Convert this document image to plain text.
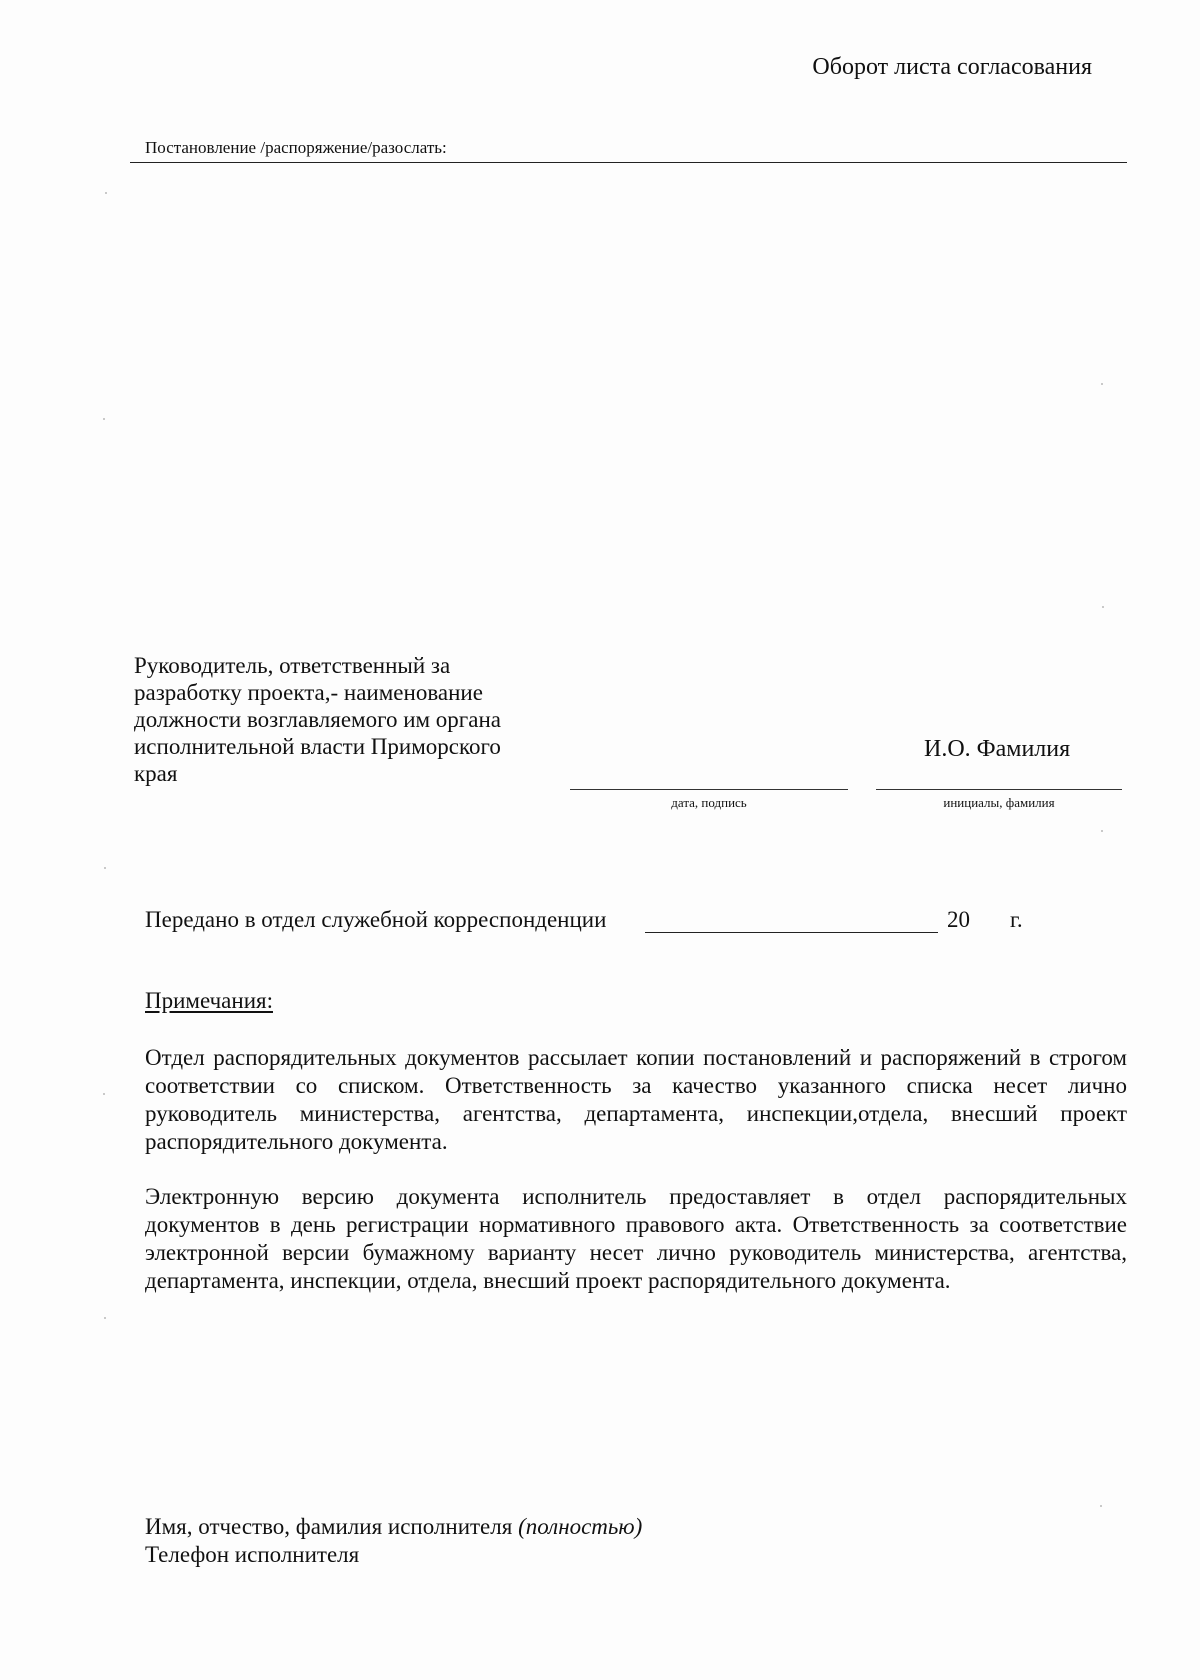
Оборот листа согласования
Постановление /распоряжение/разослать:
Руководитель, ответственный за
разработку проекта,- наименование
должности возглавляемого им органа
исполнительной власти Приморского
края
И.О. Фамилия
дата, подпись	инициалы, фамилия
Передано в отдел служебной корреспонденции	20 г.
Примечания:
Отдел распорядительных документов рассылает копии постановлений и распоряжений в строгом соответствии со списком. Ответственность за качество указанного списка несет лично руководитель министерства, агентства, департамента, инспекции,отдела, внесший проект распорядительного документа.
Электронную версию документа исполнитель предоставляет в отдел распорядительных документов в день регистрации нормативного правового акта. Ответственность за соответствие электронной версии бумажному варианту несет лично руководитель министерства, агентства, департамента, инспекции, отдела, внесший проект распорядительного документа.
Имя, отчество, фамилия исполнителя (полностью)
Телефон исполнителя
